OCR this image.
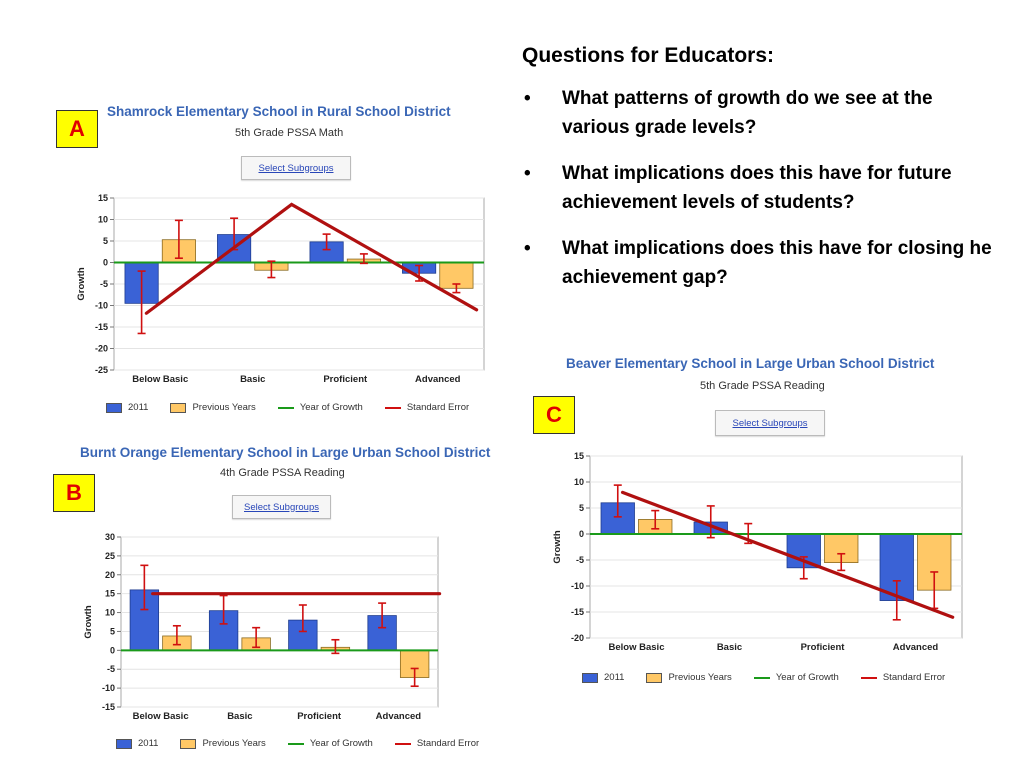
Questions for Educators:
• What patterns of growth do we see at the various grade levels?
• What implications does this have for future achievement levels of students?
• What implications does this have for closing he achievement gap?
A
Shamrock Elementary School in Rural School District
5th Grade PSSA Math
Select Subgroups
15
10
5
0
-5
-10
-15
-20
-25
Growth
Below Basic	Basic	Proficient	Advanced
2011	Previous Years	Year of Growth	Standard Error
B
Burnt Orange Elementary School in Large Urban School District
4th Grade PSSA Reading
Select Subgroups
30
25
20
15
10
5
0
-5
-10
-15
Growth
Below Basic	Basic	Proficient	Advanced
2011	Previous Years	Year of Growth	Standard Error
C
Beaver Elementary School in Large Urban School District
5th Grade PSSA Reading
Select Subgroups
15
10
5
0
-5
-10
-15
-20
Growth
Below Basic	Basic	Proficient	Advanced
2011	Previous Years	Year of Growth	Standard Error
